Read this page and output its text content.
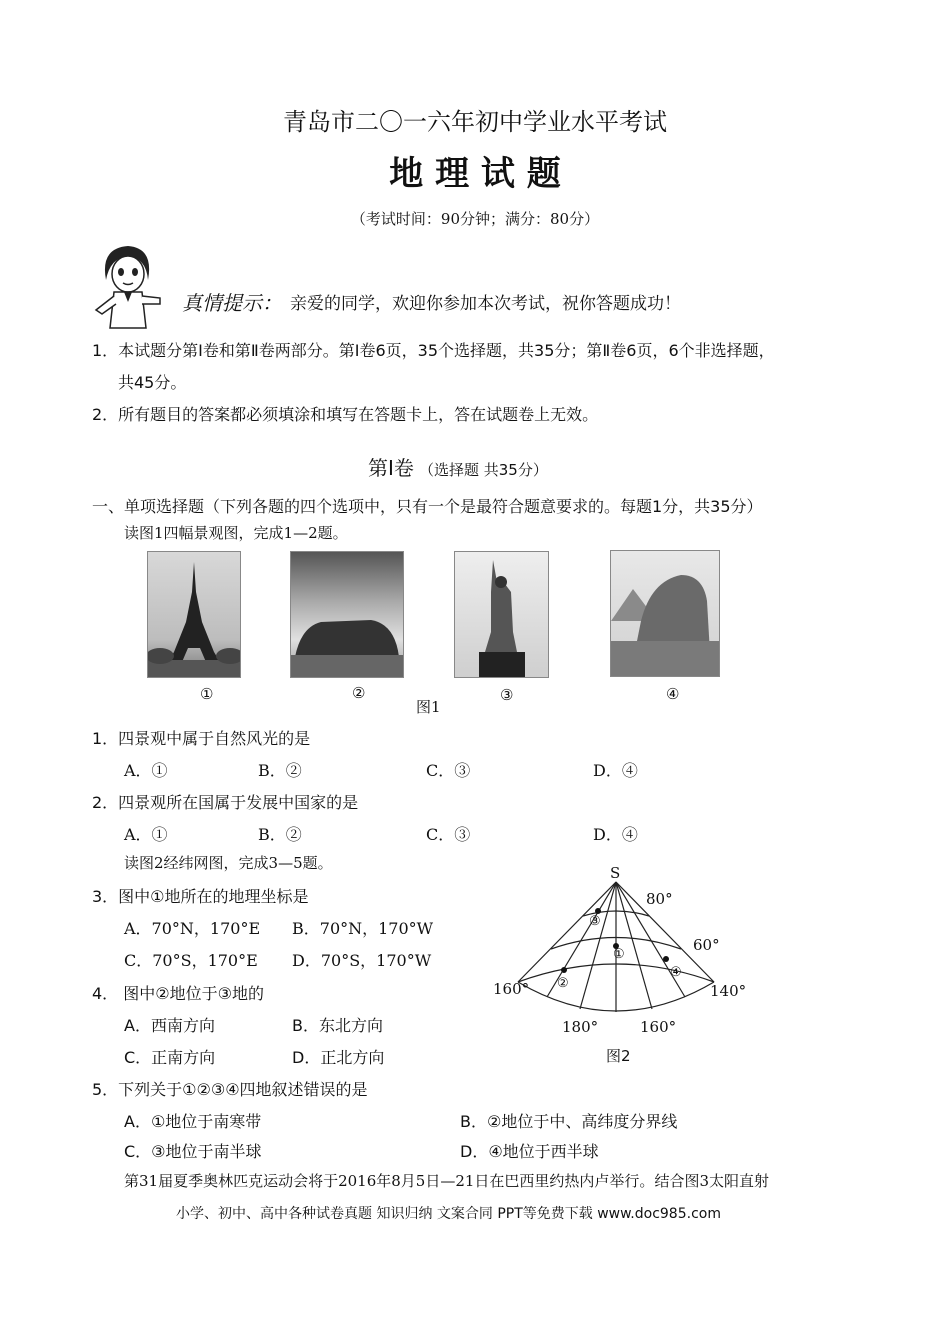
青岛市二〇一六年初中学业水平考试
地 理 试 题
（考试时间：90分钟；满分：80分）
真情提示： 亲爱的同学，欢迎你参加本次考试，祝你答题成功！
1．本试题分第Ⅰ卷和第Ⅱ卷两部分。第Ⅰ卷6页，35个选择题，共35分；第Ⅱ卷6页，6个非选择题，
共45分。
2．所有题目的答案都必须填涂和填写在答题卡上，答在试题卷上无效。
第Ⅰ卷 （选择题 共35分）
一、单项选择题（下列各题的四个选项中，只有一个是最符合题意要求的。每题1分，共35分）
读图1四幅景观图，完成1—2题。
①	②	③	④
图1
1．四景观中属于自然风光的是
A．①	B．②	C．③	D．④
2．四景观所在国属于发展中国家的是
A．①	B．②	C．③	D．④
读图2经纬网图，完成3—5题。
3．图中①地所在的地理坐标是
A．70°N，170°E B．70°N，170°W
C．70°S，170°E D．70°S，170°W
4． 图中②地位于③地的
A．西南方向	B．东北方向
C．正南方向	D．正北方向
S
80°
60°
160°	140°
180°	160°
①
②
③
④
图2
5．下列关于①②③④四地叙述错误的是
A．①地位于南寒带	B．②地位于中、高纬度分界线
C．③地位于南半球	D．④地位于西半球
第31届夏季奥林匹克运动会将于2016年8月5日—21日在巴西里约热内卢举行。结合图3太阳直射
小学、初中、高中各种试卷真题 知识归纳 文案合同 PPT等免费下载 www.doc985.com
